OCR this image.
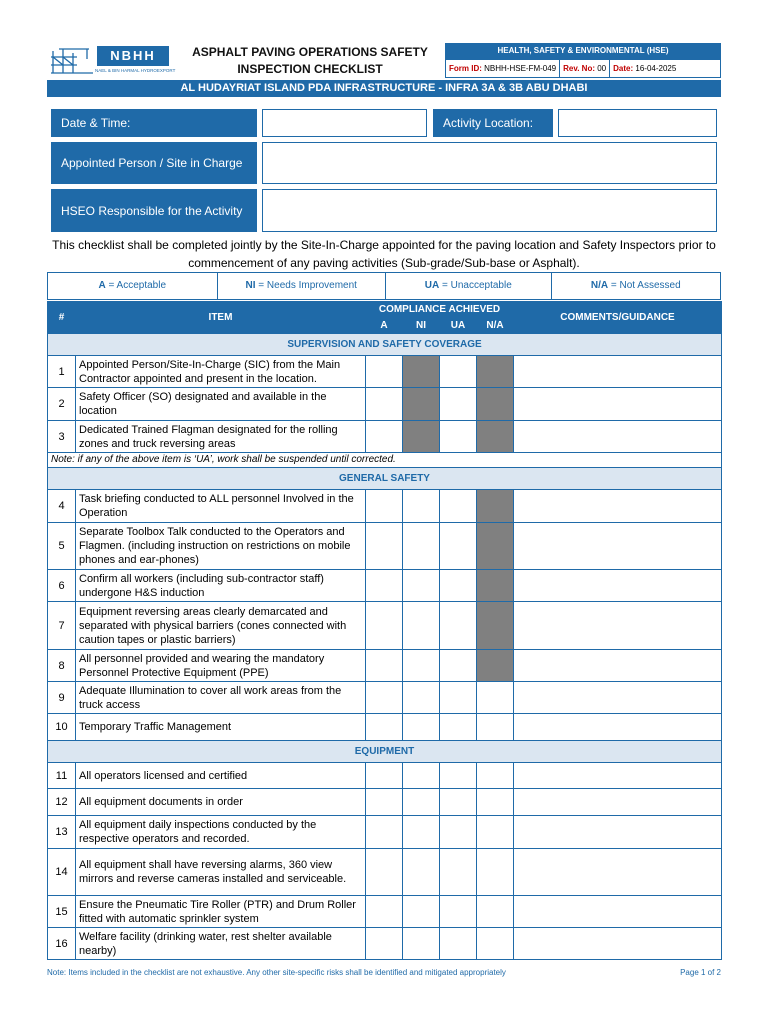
NBHH
NAEL & BIN HARMAL HYDROEXPORT
ASPHALT PAVING OPERATIONS SAFETY
INSPECTION CHECKLIST
HEALTH, SAFETY & ENVIRONMENTAL (HSE)
Form ID: NBHH-HSE-FM-049 Rev. No: 00 Date: 16-04-2025
AL HUDAYRIAT ISLAND PDA INFRASTRUCTURE - INFRA 3A & 3B ABU DHABI
Date & Time:	Activity Location:
Appointed Person / Site in Charge
HSEO Responsible for the Activity
This checklist shall be completed jointly by the Site-In-Charge appointed for the paving location and Safety Inspectors prior to commencement of any paving activities (Sub-grade/Sub-base or Asphalt).
A = Acceptable	NI = Needs Improvement	UA = Unacceptable	N/A = Not Assessed
#	ITEM	COMPLIANCE ACHIEVED				COMMENTS/GUIDANCE
		A	NI	UA	N/A	
SUPERVISION AND SAFETY COVERAGE						
1	Appointed Person/Site-In-Charge (SIC) from the Main Contractor appointed and present in the location.					
2	Safety Officer (SO) designated and available in the location					
3	Dedicated Trained Flagman designated for the rolling zones and truck reversing areas					
Note: if any of the above item is ‘UA’, work shall be suspended until corrected.						
GENERAL SAFETY						
4	Task briefing conducted to ALL personnel Involved in the Operation					
5	Separate Toolbox Talk conducted to the Operators and Flagmen. (including instruction on restrictions on mobile phones and ear-phones)					
6	Confirm all workers (including sub-contractor staff) undergone H&S induction					
7	Equipment reversing areas clearly demarcated and separated with physical barriers (cones connected with caution tapes or plastic barriers)					
8	All personnel provided and wearing the mandatory Personnel Protective Equipment (PPE)					
9	Adequate Illumination to cover all work areas from the truck access					
10	Temporary Traffic Management					
EQUIPMENT						
11	All operators licensed and certified					
12	All equipment documents in order					
13	All equipment daily inspections conducted by the respective operators and recorded.					
14	All equipment shall have reversing alarms, 360 view mirrors and reverse cameras installed and serviceable.					
15	Ensure the Pneumatic Tire Roller (PTR) and Drum Roller fitted with automatic sprinkler system					
16	Welfare facility (drinking water, rest shelter available nearby)					
Note: Items included in the checklist are not exhaustive. Any other site-specific risks shall be identified and mitigated appropriately	Page 1 of 2
